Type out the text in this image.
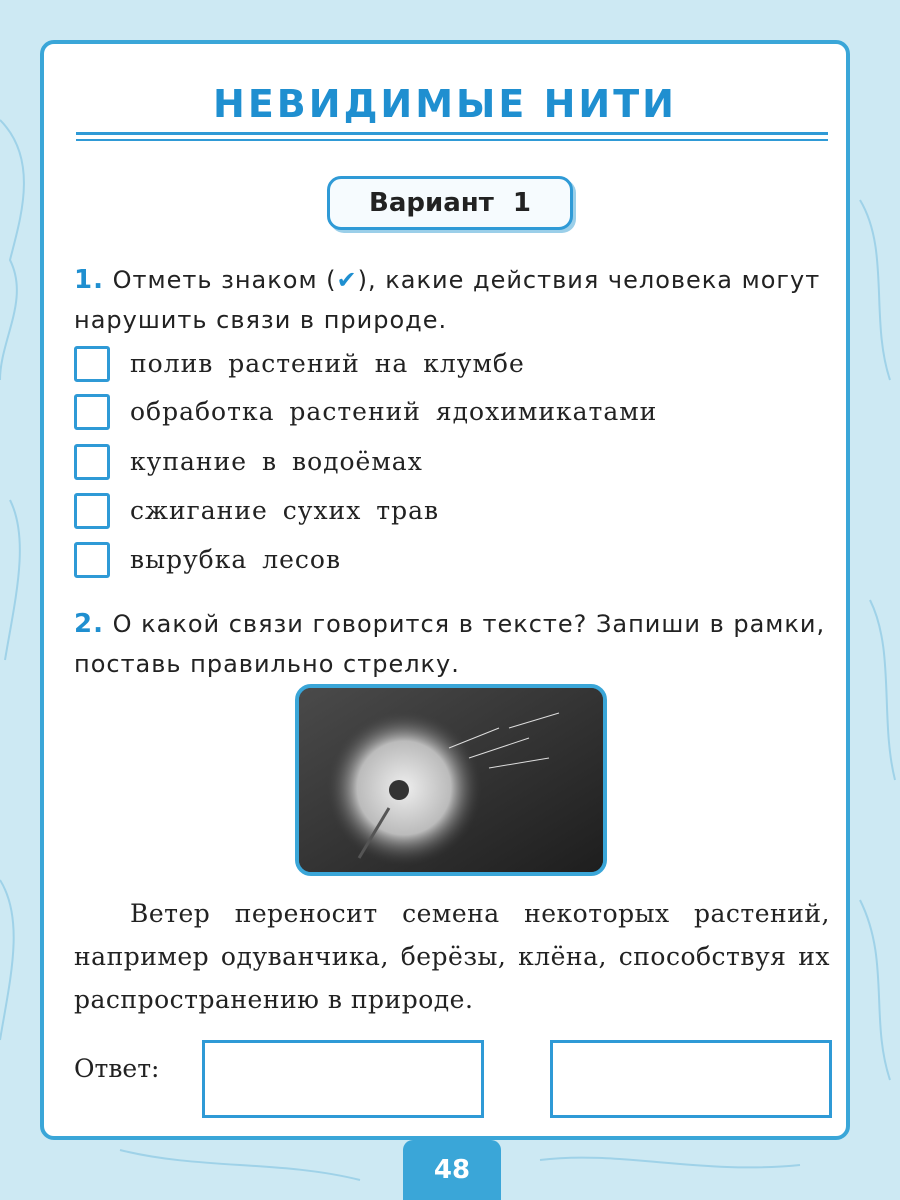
НЕВИДИМЫЕ НИТИ
Вариант 1
1. Отметь знаком (✔), какие действия человека могут нарушить связи в природе.
полив растений на клумбе
обработка растений ядохимикатами
купание в водоёмах
сжигание сухих трав
вырубка лесов
2. О какой связи говорится в тексте? Запиши в рамки, поставь правильно стрелку.
Ветер переносит семена некоторых растений, например одуванчика, берёзы, клёна, способствуя их распространению в природе.
Ответ:
48
